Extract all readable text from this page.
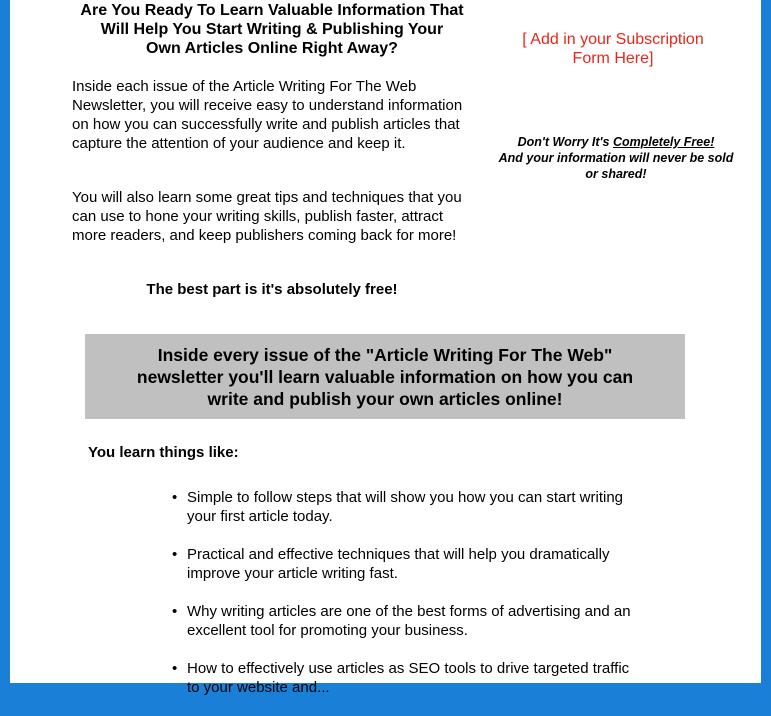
Are You Ready To Learn Valuable Information That
Will Help You Start Writing & Publishing Your
Own Articles Online Right Away?
Inside each issue of the Article Writing For The Web Newsletter, you will receive easy to understand information on how you can successfully write and publish articles that capture the attention of your audience and keep it.
You will also learn some great tips and techniques that you can use to hone your writing skills, publish faster, attract more readers, and keep publishers coming back for more!
The best part is it's absolutely free!
[ Add in your Subscription Form Here]
Don't Worry It's Completely Free!
And your information will never be sold or shared!
Inside every issue of the "Article Writing For The Web" newsletter you'll learn valuable information on how you can write and publish your own articles online!
You learn things like:
• Simple to follow steps that will show you how you can start writing your first article today.
• Practical and effective techniques that will help you dramatically improve your article writing fast.
• Why writing articles are one of the best forms of advertising and an excellent tool for promoting your business.
• How to effectively use articles as SEO tools to drive targeted traffic to your website and...
